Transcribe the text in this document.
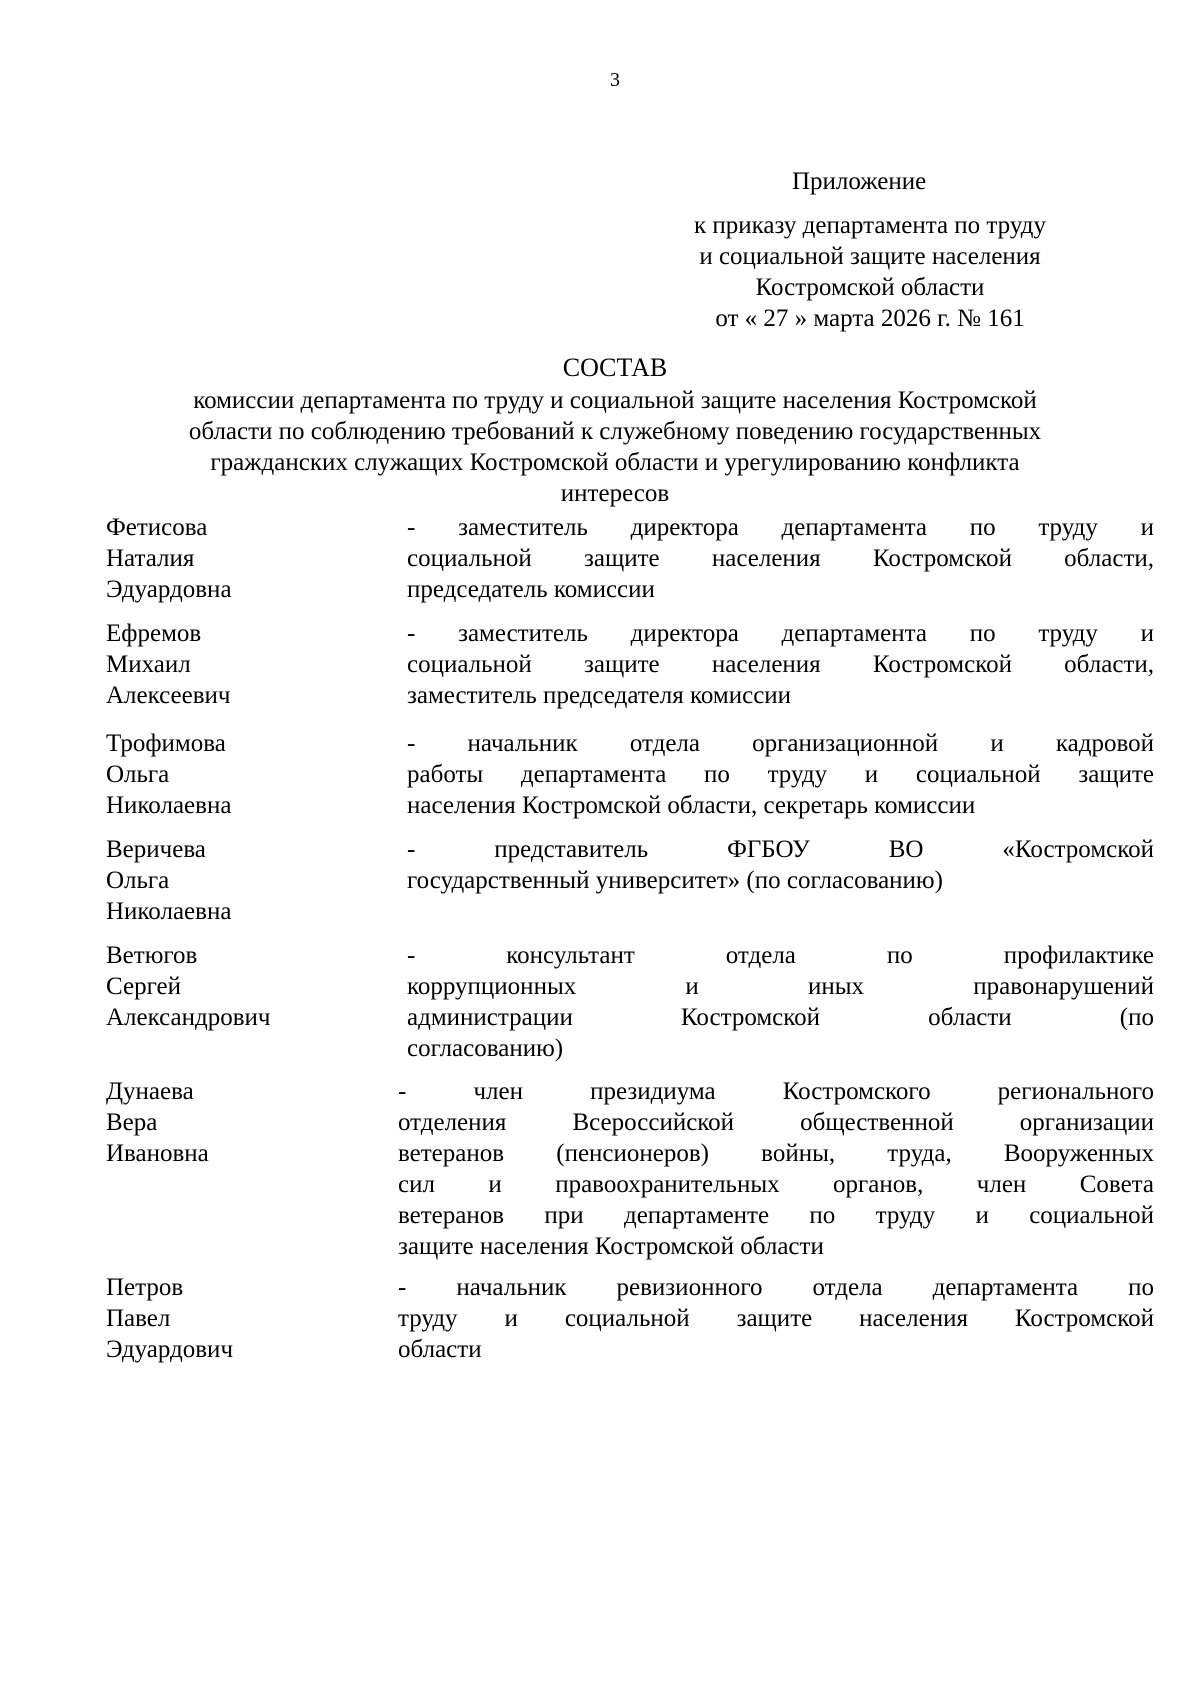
3
Приложение
к приказу департамента по труду
и социальной защите населения
Костромской области
от « 27 » марта 2026 г. № 161
СОСТАВ
комиссии департамента по труду и социальной защите населения Костромской
области по соблюдению требований к служебному поведению государственных
гражданских служащих Костромской области и урегулированию конфликта
интересов
Фетисова
Наталия
Эдуардовна
- заместитель директора департамента по труду и
социальной защите населения Костромской области,
председатель комиссии
Ефремов
Михаил
Алексеевич
- заместитель директора департамента по труду и
социальной защите населения Костромской области,
заместитель председателя комиссии
Трофимова
Ольга
Николаевна
- начальник отдела организационной и кадровой
работы департамента по труду и социальной защите
населения Костромской области, секретарь комиссии
Веричева
Ольга
Николаевна
- представитель ФГБОУ ВО «Костромской
государственный университет» (по согласованию)
Ветюгов
Сергей
Александрович
- консультант отдела по профилактике
коррупционных и иных правонарушений
администрации Костромской области (по
согласованию)
Дунаева
Вера
Ивановна
- член президиума Костромского регионального
отделения Всероссийской общественной организации
ветеранов (пенсионеров) войны, труда, Вооруженных
сил и правоохранительных органов, член Совета
ветеранов при департаменте по труду и социальной
защите населения Костромской области
Петров
Павел
Эдуардович
- начальник ревизионного отдела департамента по
труду и социальной защите населения Костромской
области
